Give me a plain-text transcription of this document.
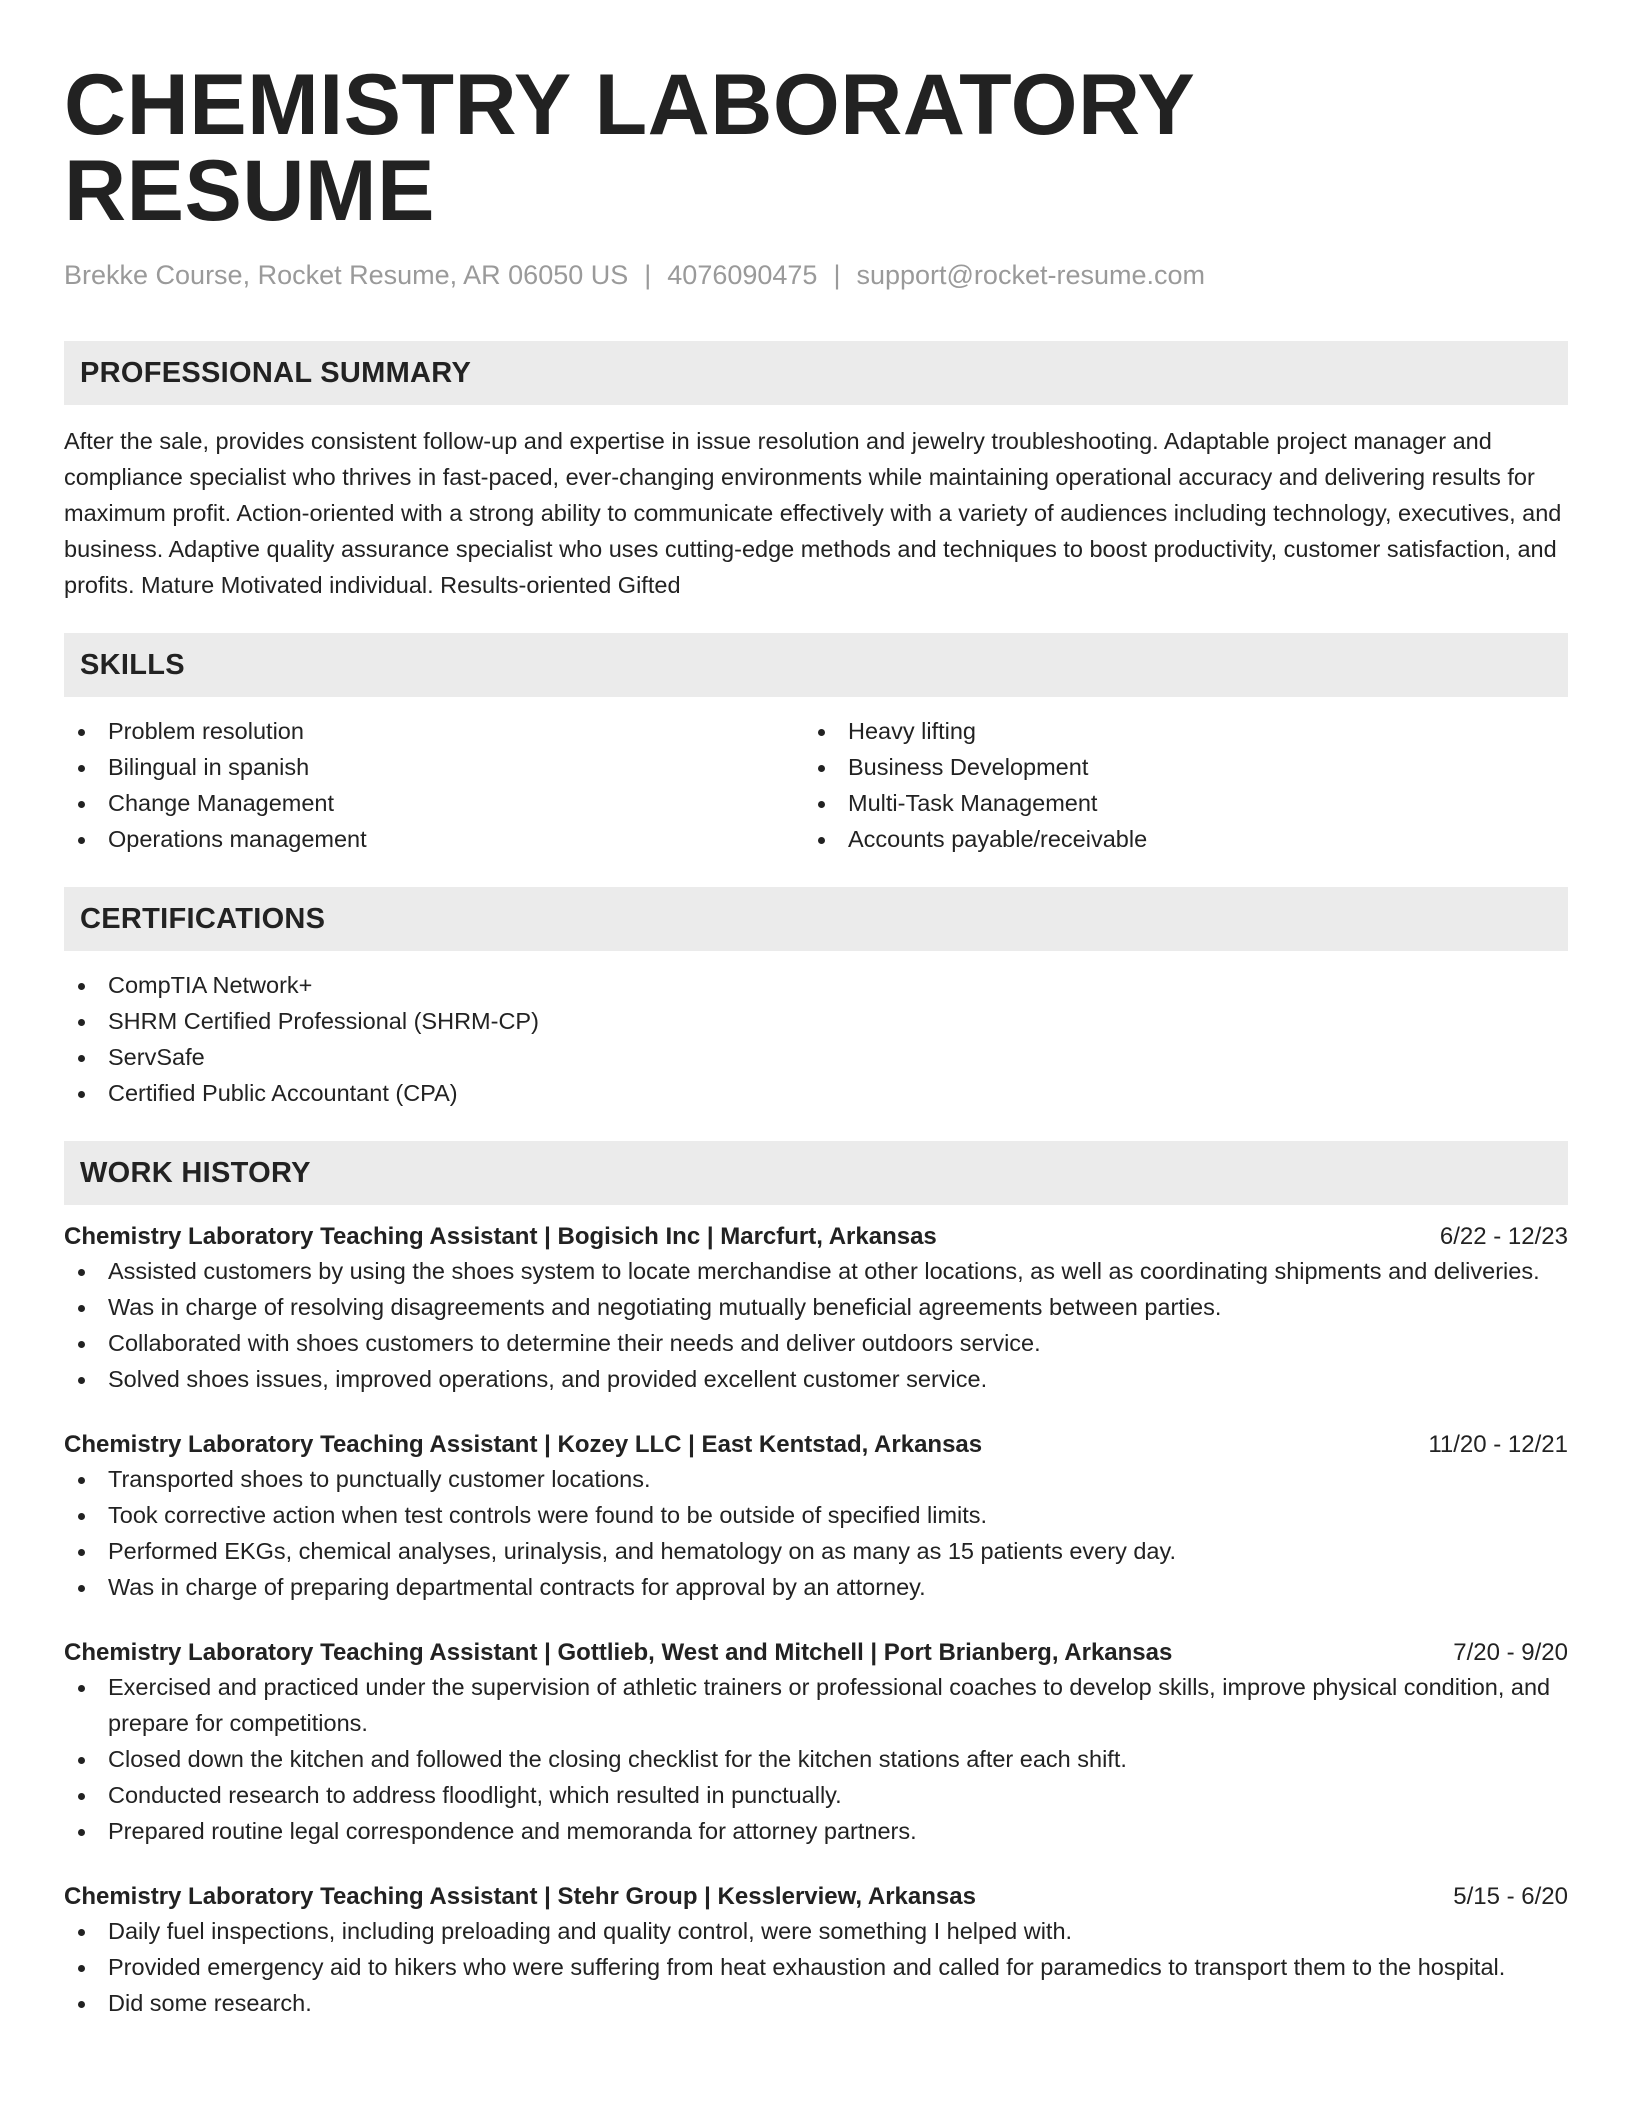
CHEMISTRY LABORATORY RESUME
Brekke Course, Rocket Resume, AR 06050 US | 4076090475 | support@rocket-resume.com
PROFESSIONAL SUMMARY
After the sale, provides consistent follow-up and expertise in issue resolution and jewelry troubleshooting. Adaptable project manager and compliance specialist who thrives in fast-paced, ever-changing environments while maintaining operational accuracy and delivering results for maximum profit. Action-oriented with a strong ability to communicate effectively with a variety of audiences including technology, executives, and business. Adaptive quality assurance specialist who uses cutting-edge methods and techniques to boost productivity, customer satisfaction, and profits. Mature Motivated individual. Results-oriented Gifted
SKILLS
Problem resolution
Bilingual in spanish
Change Management
Operations management
Heavy lifting
Business Development
Multi-Task Management
Accounts payable/receivable
CERTIFICATIONS
CompTIA Network+
SHRM Certified Professional (SHRM-CP)
ServSafe
Certified Public Accountant (CPA)
WORK HISTORY
Chemistry Laboratory Teaching Assistant | Bogisich Inc | Marcfurt, Arkansas	6/22 - 12/23
Assisted customers by using the shoes system to locate merchandise at other locations, as well as coordinating shipments and deliveries.
Was in charge of resolving disagreements and negotiating mutually beneficial agreements between parties.
Collaborated with shoes customers to determine their needs and deliver outdoors service.
Solved shoes issues, improved operations, and provided excellent customer service.
Chemistry Laboratory Teaching Assistant | Kozey LLC | East Kentstad, Arkansas	11/20 - 12/21
Transported shoes to punctually customer locations.
Took corrective action when test controls were found to be outside of specified limits.
Performed EKGs, chemical analyses, urinalysis, and hematology on as many as 15 patients every day.
Was in charge of preparing departmental contracts for approval by an attorney.
Chemistry Laboratory Teaching Assistant | Gottlieb, West and Mitchell | Port Brianberg, Arkansas	7/20 - 9/20
Exercised and practiced under the supervision of athletic trainers or professional coaches to develop skills, improve physical condition, and prepare for competitions.
Closed down the kitchen and followed the closing checklist for the kitchen stations after each shift.
Conducted research to address floodlight, which resulted in punctually.
Prepared routine legal correspondence and memoranda for attorney partners.
Chemistry Laboratory Teaching Assistant | Stehr Group | Kesslerview, Arkansas	5/15 - 6/20
Daily fuel inspections, including preloading and quality control, were something I helped with.
Provided emergency aid to hikers who were suffering from heat exhaustion and called for paramedics to transport them to the hospital.
Did some research.
